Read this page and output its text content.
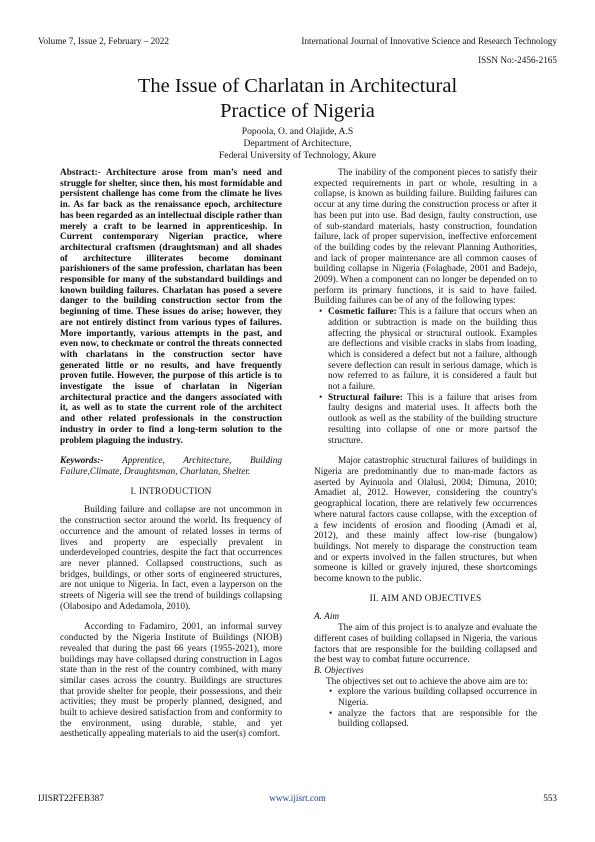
Volume 7, Issue 2, February – 2022	International Journal of Innovative Science and Research Technology
ISSN No:-2456-2165
The Issue of Charlatan in Architectural
Practice of Nigeria
Popoola, O. and Olajide, A.S
Department of Architecture,
Federal University of Technology, Akure

Abstract:- Architecture arose from man’s need and struggle for shelter, since then, his most formidable and persistent challenge has come from the climate he lives in. As far back as the renaissance epoch, architecture has been regarded as an intellectual disciple rather than merely a craft to be learned in apprenticeship. In Current contemporary Nigerian practice, where architectural craftsmen (draughtsman) and all shades of architecture illiterates become dominant parishioners of the same profession, charlatan has been responsible for many of the substandard buildings and known building failures. Charlatan has posed a severe danger to the building construction sector from the beginning of time. These issues do arise; however, they are not entirely distinct from various types of failures. More importantly, various attempts in the past, and even now, to checkmate or control the threats connected with charlatans in the construction sector have generated little or no results, and have frequently proven futile. However, the purpose of this article is to investigate the issue of charlatan in Nigerian architectural practice and the dangers associated with it, as well as to state the current role of the architect and other related professionals in the construction industry in order to find a long-term solution to the problem plaguing the industry.

Keywords:- Apprentice, Architecture, Building Failure,Climate, Draughtsman, Charlatan, Shelter.

I. INTRODUCTION

Building failure and collapse are not uncommon in the construction sector around the world. Its frequency of occurrence and the amount of related losses in terms of lives and property are especially prevalent in underdeveloped countries, despite the fact that occurrences are never planned. Collapsed constructions, such as bridges, buildings, or other sorts of engineered structures, are not unique to Nigeria. In fact, even a layperson on the streets of Nigeria will see the trend of buildings collapsing (Olabosipo and Adedamola, 2010).

According to Fadamiro, 2001, an informal survey conducted by the Nigeria Institute of Buildings (NIOB) revealed that during the past 66 years (1955-2021), more buildings may have collapsed during construction in Lagos state than in the rest of the country combined, with many similar cases across the country. Buildings are structures that provide shelter for people, their possessions, and their activities; they must be properly planned, designed, and built to achieve desired satisfaction from and conformity to the environment, using durable, stable, and yet aesthetically appealing materials to aid the user(s) comfort.

The inability of the component pieces to satisfy their expected requirements in part or whole, resulting in a collapse, is known as building failure. Building failures can occur at any time during the construction process or after it has been put into use. Bad design, faulty construction, use of sub-standard materials, hasty construction, foundation failure, lack of proper supervision, ineffective enforcement of the building codes by the relevant Planning Authorities, and lack of proper maintenance are all common causes of building collapse in Nigeria (Folagbade, 2001 and Badejo, 2009). When a component can no longer be depended on to perform its primary functions, it is said to have failed. Building failures can be of any of the following types:

• Cosmetic failure: This is a failure that occurs when an addition or subtraction is made on the building thus affecting the physical or structural outlook. Examples are deflections and visible cracks in slabs from loading, which is considered a defect but not a failure, although severe deflection can result in serious damage, which is now referred to as failure, it is considered a fault but not a failure.
• Structural failure: This is a failure that arises from faulty designs and material uses. It affects both the outlook as well as the stability of the building structure resulting into collapse of one or more partsof the structure.

Major catastrophic structural failures of buildings in Nigeria are predominantly due to man-made factors as aserted by Ayinuola and Olalusi, 2004; Dimuna, 2010; Amadiet al, 2012. However, considering the country's geographical location, there are relatively few occurrences where natural factors cause collapse, with the exception of a few incidents of erosion and flooding (Amadi et al, 2012), and these mainly affect low-rise (bungalow) buildings. Not merely to disparage the construction team and or experts involved in the fallen structures, but when someone is killed or gravely injured, these shortcomings become known to the public.

II. AIM AND OBJECTIVES

A. Aim

The aim of this project is to analyze and evaluate the different cases of building collapsed in Nigeria, the various factors that are responsible for the building collapsed and the best way to combat future occurrence.

B. Objectives

The objectives set out to achieve the above aim are to:

• explore the various building collapsed occurrence in Nigeria.
• analyze the factors that are responsible for the building collapsed.
IJISRT22FEB387	www.ijisrt.com	553
